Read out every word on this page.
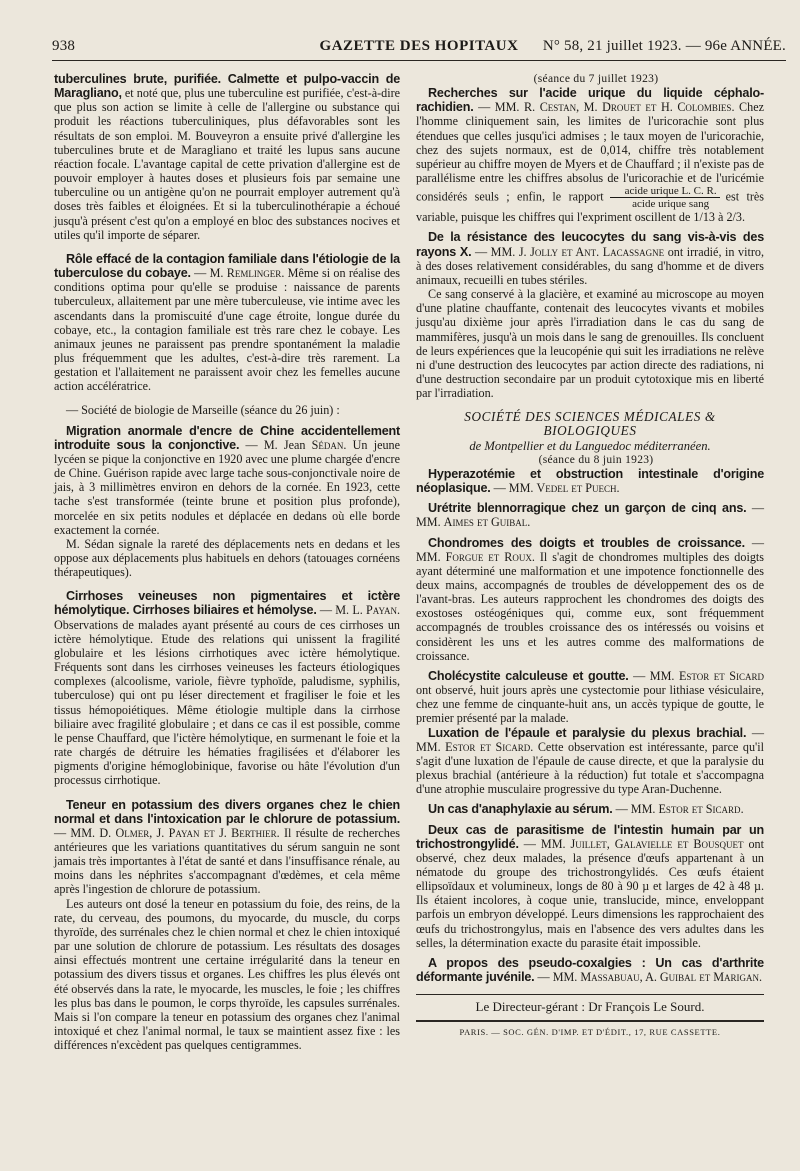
938	GAZETTE DES HOPITAUX	N° 58, 21 juillet 1923. — 96e ANNÉE.

tuberculines brute, purifiée. Calmette et pulpo-vaccin de Maragliano, et noté que, plus une tuberculine est purifiée, c'est-à-dire que plus son action se limite à celle de l'allergine ou substance qui produit les réactions tuberculiniques, plus défavorables sont les résultats de son emploi. M. Bouveyron a ensuite privé d'allergine les tuberculines brute et de Maragliano et traité les lupus sans aucune réaction focale. L'avantage capital de cette privation d'allergine est de pouvoir employer à hautes doses et plusieurs fois par semaine une tuberculine ou un antigène qu'on ne pourrait employer autrement qu'à doses très faibles et éloignées. Et si la tuberculinothérapie a échoué jusqu'à présent c'est qu'on a employé en bloc des substances nocives et utiles qu'il importe de séparer.

Rôle effacé de la contagion familiale dans l'étiologie de la tuberculose du cobaye. — M. Remlinger. Même si on réalise des conditions optima pour qu'elle se produise : naissance de parents tuberculeux, allaitement par une mère tuberculeuse, vie intime avec les ascendants dans la promiscuité d'une cage étroite, longue durée du cobaye, etc., la contagion familiale est très rare chez le cobaye. Les animaux jeunes ne paraissent pas prendre spontanément la maladie plus fréquemment que les adultes, c'est-à-dire très rarement. La gestation et l'allaitement ne paraissent avoir chez les femelles aucune action accélératrice.

— Société de biologie de Marseille (séance du 26 juin) :

Migration anormale d'encre de Chine accidentellement introduite sous la conjonctive. — M. Jean Sédan. Un jeune lycéen se pique la conjonctive en 1920 avec une plume chargée d'encre de Chine. Guérison rapide avec large tache sous-conjonctivale noire de jais, à 3 millimètres environ en dehors de la cornée. En 1923, cette tache s'est transformée (teinte brune et position plus profonde), morcelée en six petits nodules et déplacée en dedans où elle borde exactement la cornée.

M. Sédan signale la rareté des déplacements nets en dedans et les oppose aux déplacements plus habituels en dehors (tatouages cornéens thérapeutiques).

Cirrhoses veineuses non pigmentaires et ictère hémolytique. Cirrhoses biliaires et hémolyse. — M. L. Payan. Observations de malades ayant présenté au cours de ces cirrhoses un ictère hémolytique. Etude des relations qui unissent la fragilité globulaire et les lésions cirrhotiques avec ictère hémolytique. Fréquents sont dans les cirrhoses veineuses les facteurs étiologiques complexes (alcoolisme, variole, fièvre typhoïde, paludisme, syphilis, tuberculose) qui ont pu léser directement et fragiliser le foie et les tissus hémopoiétiques. Même étiologie multiple dans la cirrhose biliaire avec fragilité globulaire ; et dans ce cas il est possible, comme le pense Chauffard, que l'ictère hémolytique, en surmenant le foie et la rate chargés de détruire les hématies fragilisées et d'élaborer les pigments d'origine hémoglobinique, favorise ou hâte l'évolution d'un processus cirrhotique.

Teneur en potassium des divers organes chez le chien normal et dans l'intoxication par le chlorure de potassium. — MM. D. Olmer, J. Payan et J. Berthier. Il résulte de recherches antérieures que les variations quantitatives du sérum sanguin ne sont jamais très importantes à l'état de santé et dans l'insuffisance rénale, au moins dans les néphrites s'accompagnant d'œdèmes, et cela même après l'ingestion de chlorure de potassium.

Les auteurs ont dosé la teneur en potassium du foie, des reins, de la rate, du cerveau, des poumons, du myocarde, du muscle, du corps thyroïde, des surrénales chez le chien normal et chez le chien intoxiqué par une solution de chlorure de potassium. Les résultats des dosages ainsi effectués montrent une certaine irrégularité dans la teneur en potassium des divers tissus et organes. Les chiffres les plus élevés ont été observés dans la rate, le myocarde, les muscles, le foie ; les chiffres les plus bas dans le poumon, le corps thyroïde, les capsules surrénales. Mais si l'on compare la teneur en potassium des organes chez l'animal intoxiqué et chez l'animal normal, le taux se maintient assez fixe : les différences n'excèdent pas quelques centigrammes.

(séance du 7 juillet 1923)

Recherches sur l'acide urique du liquide céphalo-rachidien. — MM. R. Cestan, M. Drouet et H. Colombies. Chez l'homme cliniquement sain, les limites de l'uricorachie sont plus étendues que celles jusqu'ici admises ; le taux moyen de l'uricorachie, chez des sujets normaux, est de 0,014, chiffre très notablement supérieur au chiffre moyen de Myers et de Chauffard ; il n'existe pas de parallélisme entre les chiffres absolus de l'uricorachie et de l'uricémie considérés seuls ; enfin, le rapport $\frac{\text{acide urique L. C. R.}}{\text{acide urique sang}}$ est très variable, puisque les chiffres qui l'expriment oscillent de 1/13 à 2/3.

De la résistance des leucocytes du sang vis-à-vis des rayons X. — MM. J. Jolly et Ant. Lacassagne ont irradié, in vitro, à des doses relativement considérables, du sang d'homme et de divers animaux, recueilli en tubes stériles.

Ce sang conservé à la glacière, et examiné au microscope au moyen d'une platine chauffante, contenait des leucocytes vivants et mobiles jusqu'au dixième jour après l'irradiation dans le cas du sang de mammifères, jusqu'à un mois dans le sang de grenouilles. Ils concluent de leurs expériences que la leucopénie qui suit les irradiations ne relève ni d'une destruction des leucocytes par action directe des radiations, ni d'une destruction secondaire par un produit cytotoxique mis en liberté par l'irradiation.

SOCIÉTÉ DES SCIENCES MÉDICALES & BIOLOGIQUES

de Montpellier et du Languedoc méditerranéen.

(séance du 8 juin 1923)

Hyperazotémie et obstruction intestinale d'origine néoplasique. — MM. Vedel et Puech.

Urétrite blennorragique chez un garçon de cinq ans. — MM. Aimes et Guibal.

Chondromes des doigts et troubles de croissance. — MM. Forgue et Roux. Il s'agit de chondromes multiples des doigts ayant déterminé une malformation et une impotence fonctionnelle des deux mains, accompagnés de troubles de développement des os de l'avant-bras. Les auteurs rapprochent les chondromes des doigts des exostoses ostéogéniques qui, comme eux, sont fréquemment accompagnés de troubles croissance des os intéressés ou voisins et considèrent les uns et les autres comme des malformations de croissance.

Cholécystite calculeuse et goutte. — MM. Estor et Sicard ont observé, huit jours après une cystectomie pour lithiase vésiculaire, chez une femme de cinquante-huit ans, un accès typique de goutte, le premier présenté par la malade.

Luxation de l'épaule et paralysie du plexus brachial. — MM. Estor et Sicard. Cette observation est intéressante, parce qu'il s'agit d'une luxation de l'épaule de cause directe, et que la paralysie du plexus brachial (antérieure à la réduction) fut totale et s'accompagna d'une atrophie musculaire progressive du type Aran-Duchenne.

Un cas d'anaphylaxie au sérum. — MM. Estor et Sicard.

Deux cas de parasitisme de l'intestin humain par un trichostrongylidé. — MM. Juillet, Galavielle et Bousquet ont observé, chez deux malades, la présence d'œufs appartenant à un nématode du groupe des trichostrongylidés. Ces œufs étaient ellipsoïdaux et volumineux, longs de 80 à 90 µ et larges de 42 à 48 µ. Ils étaient incolores, à coque unie, translucide, mince, enveloppant parfois un embryon développé. Leurs dimensions les rapprochaient des œufs du trichostrongylus, mais en l'absence des vers adultes dans les selles, la détermination exacte du parasite était impossible.

A propos des pseudo-coxalgies : Un cas d'arthrite déformante juvénile. — MM. Massabuau, A. Guibal et Marigan.

Le Directeur-gérant : Dr François Le Sourd.
PARIS. — SOC. GÉN. D'IMP. ET D'ÉDIT., 17, RUE CASSETTE.
